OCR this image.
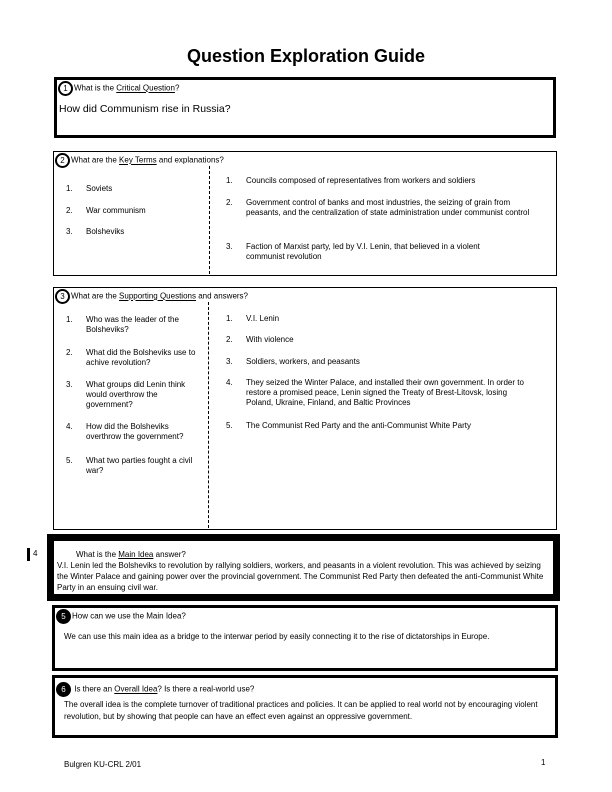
Question Exploration Guide
1 What is the Critical Question?
How did Communism rise in Russia?
2 What are the Key Terms and explanations?
1. Soviets
2. War communism
3. Bolsheviks
1. Councils composed of representatives from workers and soldiers
2. Government control of banks and most industries, the seizing of grain from peasants, and the centralization of state administration under communist control
3. Faction of Marxist party, led by V.I. Lenin, that believed in a violent communist revolution
3 What are the Supporting Questions and answers?
1. Who was the leader of the Bolsheviks?
2. What did the Bolsheviks use to achive revolution?
3. What groups did Lenin think would overthrow the government?
4. How did the Bolsheviks overthrow the government?
5. What two parties fought a civil war?
1. V.I. Lenin
2. With violence
3. Soldiers, workers, and peasants
4. They seized the Winter Palace, and installed their own government. In order to restore a promised peace, Lenin signed the Treaty of Brest-Litovsk, losing Poland, Ukraine, Finland, and Baltic Provinces
5. The Communist Red Party and the anti-Communist White Party
4	What is the Main Idea answer?
V.I. Lenin led the Bolsheviks to revolution by rallying soldiers, workers, and peasants in a violent revolution. This was achieved by seizing the Winter Palace and gaining power over the provincial government. The Communist Red Party then defeated the anti-Communist White Party in an ensuing civil war.
5 How can we use the Main Idea?
We can use this main idea as a bridge to the interwar period by easily connecting it to the rise of dictatorships in Europe.
6 Is there an Overall Idea? Is there a real-world use?
The overall idea is the complete turnover of traditional practices and policies. It can be applied to real world not by encouraging violent revolution, but by showing that people can have an effect even against an oppressive government.
Bulgren KU-CRL 2/01	1
